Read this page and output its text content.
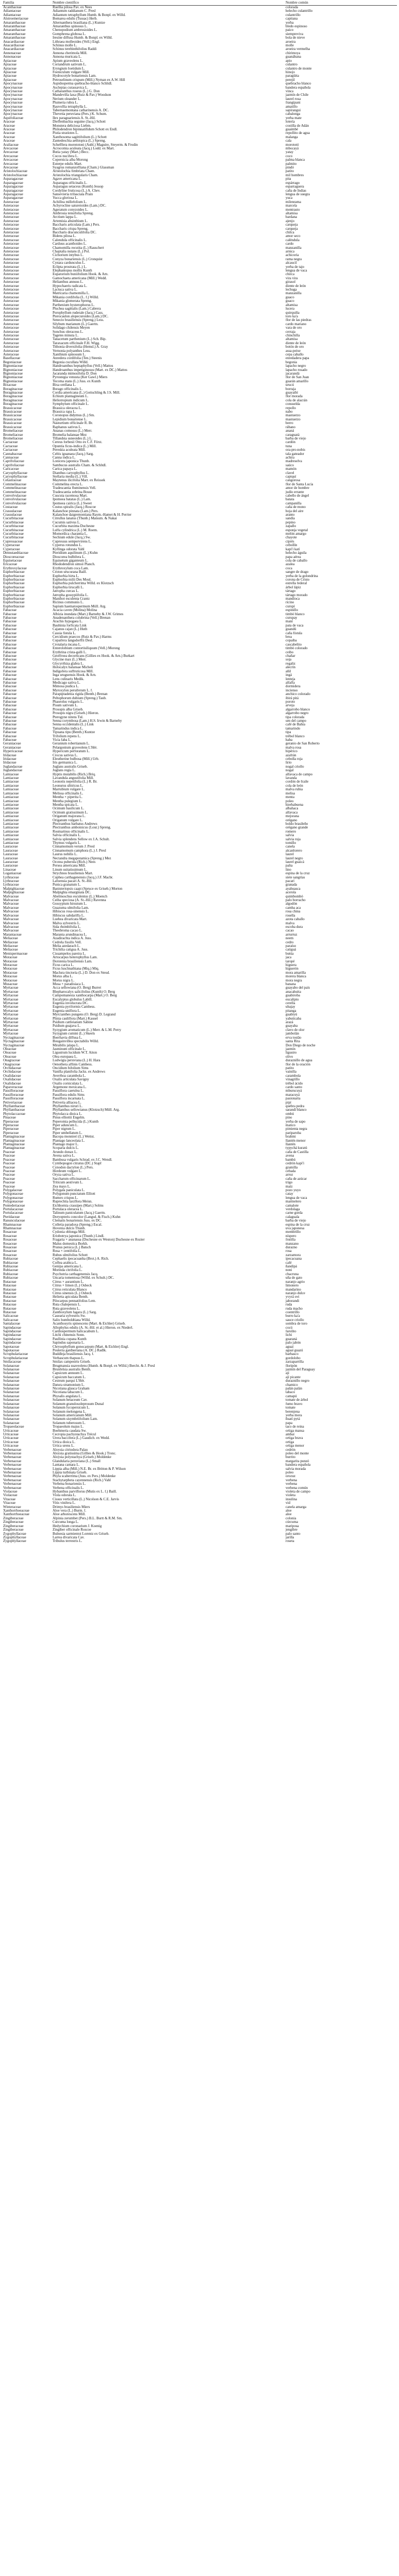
Familia	Nombre científico	Nombre común
Acanthaceae	Ruellia pilosa Pav. ex Nees	colorada
Adiantaceae	Adiantum raddianum C. Presl	helecho culantrillo
Adiantaceae	Adiantum tetraphyllum Humb. & Bonpl. ex Willd.	culantrillo
Alstroemeriaceae	Bomarea edulis (Tussac) Herb.	capitana
Amaranthaceae	Alternanthera brasiliana (L.) Kuntze	yerba
Amaranthaceae	Amaranthus spinosus L.	bledo espinoso
Amaranthaceae	Chenopodium ambrosioides L.	paico
Amaranthaceae	Gomphrena globosa L.	siempreviva
Amaranthaceae	Iresine diffusa Humb. & Bonpl. ex Willd.	bola de nieve
Anacardiaceae	Lithraea molleoides (Vell.) Engl.	aroeira
Anacardiaceae	Schinus molle L.	molle
Anacardiaceae	Schinus terebinthifolius Raddi	aroeira vermelha
Annonaceae	Annona cherimola Mill.	chirimoya
Annonaceae	Annona muricata L.	guanábana
Apiaceae	Apium graveolens L.	apio
Apiaceae	Coriandrum sativum L.	culantro
Apiaceae	Eryngium foetidum L.	culantro de monte
Apiaceae	Foeniculum vulgare Mill.	hinojo
Apiaceae	Hydrocotyle bonariensis Lam.	paragüita
Apiaceae	Petroselinum crispum (Mill.) Nyman ex A.W. Hill	perejil
Apocynaceae	Aspidosperma quebracho-blanco Schltdl.	quebracho blanco
Apocynaceae	Asclepias curassavica L.	bandera española
Apocynaceae	Catharanthus roseus (L.) G. Don	vinca
Apocynaceae	Mandevilla laxa (Ruiz & Pav.) Woodson	jazmín de Chile
Apocynaceae	Nerium oleander L.	laurel rosa
Apocynaceae	Plumeria rubra L.	frangipani
Apocynaceae	Rauvolfia tetraphylla L.	amatillo
Apocynaceae	Tabernaemontana catharinensis A. DC.	sapirangui
Apocynaceae	Thevetia peruviana (Pers.) K. Schum.	cabalonga
Aquifoliaceae	Ilex paraguariensis A. St.-Hil.	yerba mate
Araceae	Dieffenbachia seguine (Jacq.) Schott	lotería
Araceae	Monstera deliciosa Liebm.	costilla de Adán
Araceae	Philodendron bipinnatifidum Schott ex Endl.	guaimbé
Araceae	Pistia stratiotes L.	repollito de agua
Araceae	Xanthosoma sagittifolium (L.) Schott	malanga
Araceae	Zantedeschia aethiopica (L.) Spreng.	cala
Araliaceae	Schefflera morototoni (Aubl.) Maguire, Steyerm. & Frodin	morototó
Arecaceae	Acrocomia aculeata (Jacq.) Lodd. ex Mart.	mbocayá
Arecaceae	Butia yatay (Mart.) Becc.	yatay
Arecaceae	Cocos nucifera L.	coco
Arecaceae	Copernicia alba Morong	palma blanca
Arecaceae	Euterpe edulis Mart.	palmito
Arecaceae	Syagrus romanzoffiana (Cham.) Glassman	pindó
Aristolochiaceae	Aristolochia fimbriata Cham.	patito
Aristolochiaceae	Aristolochia triangularis Cham.	mil hombres
Asparagaceae	Agave americana L.	pita
Asparagaceae	Asparagus officinalis L.	espárrago
Asparagaceae	Asparagus setaceus (Kunth) Jessop	esparraguera
Asparagaceae	Cordyline fruticosa (L.) A. Chev.	caña de Indias
Asparagaceae	Sansevieria trifasciata Prain	lengua de suegra
Asparagaceae	Yucca gloriosa L.	yuca
Asteraceae	Achillea millefolium L.	milenrama
Asteraceae	Achyrocline satureioides (Lam.) DC.	marcela
Asteraceae	Ageratum conyzoides L.	mentrasto
Asteraceae	Ambrosia tenuifolia Spreng.	altamisa
Asteraceae	Arctium lappa L.	bardana
Asteraceae	Artemisia absinthium L.	ajenjo
Asteraceae	Baccharis articulata (Lam.) Pers.	carqueja
Asteraceae	Baccharis crispa Spreng.	carqueja
Asteraceae	Baccharis dracunculifolia DC.	chilca
Asteraceae	Bidens pilosa L.	amor seco
Asteraceae	Calendula officinalis L.	caléndula
Asteraceae	Carduus acanthoides L.	cardo
Asteraceae	Chamomilla recutita (L.) Rauschert	manzanilla
Asteraceae	Chaptalia nutans (L.) Pol.	arnica
Asteraceae	Cichorium intybus L.	achicoria
Asteraceae	Conyza bonariensis (L.) Cronquist	rama negra
Asteraceae	Cynara cardunculus L.	alcaucil
Asteraceae	Eclipta prostrata (L.) L.	yerba de tajo
Asteraceae	Elephantopus mollis Kunth	lengua de vaca
Asteraceae	Eupatorium buniifolium Hook. & Arn.	chirca
Asteraceae	Gamochaeta americana (Mill.) Wedd.	vira vira
Asteraceae	Helianthus annuus L.	girasol
Asteraceae	Hypochaeris radicata L.	diente de león
Asteraceae	Lactuca sativa L.	lechuga
Asteraceae	Matricaria chamomilla L.	manzanilla
Asteraceae	Mikania cordifolia (L. f.) Willd.	guaco
Asteraceae	Mikania glomerata Spreng.	guaco
Asteraceae	Parthenium hysterophorus L.	altamisa
Asteraceae	Pluchea sagittalis (Lam.) Cabrera	lucera
Asteraceae	Porophyllum ruderale (Jacq.) Cass.	quirquiña
Asteraceae	Pterocaulon alopecuroides (Lam.) DC.	toro ka'a
Asteraceae	Senecio brasiliensis (Spreng.) Less.	flor de las piedras
Asteraceae	Silybum marianum (L.) Gaertn.	cardo mariano
Asteraceae	Solidago chilensis Meyen	vara de oro
Asteraceae	Sonchus oleraceus L.	cerraja
Asteraceae	Tagetes minuta L.	chinchilla
Asteraceae	Tanacetum parthenium (L.) Sch. Bip.	altamisa
Asteraceae	Taraxacum officinale F.H. Wigg.	diente de león
Asteraceae	Tithonia diversifolia (Hemsl.) A. Gray	botón de oro
Asteraceae	Vernonia polyanthes Less.	assa-peixe
Asteraceae	Xanthium spinosum L.	cepa caballo
Basellaceae	Anredera cordifolia (Ten.) Steenis	enredadera papa
Begoniaceae	Begonia cucullata Willd.	begonia
Bignoniaceae	Handroanthus heptaphyllus (Vell.) Mattos	lapacho negro
Bignoniaceae	Handroanthus impetiginosus (Mart. ex DC.) Mattos	lapacho rosado
Bignoniaceae	Jacaranda mimosifolia D. Don	jacarandá
Bignoniaceae	Pyrostegia venusta (Ker Gawl.) Miers	flor de San Juan
Bignoniaceae	Tecoma stans (L.) Juss. ex Kunth	guarán amarillo
Bixaceae	Bixa orellana L.	urucú
Boraginaceae	Borago officinalis L.	borraja
Boraginaceae	Cordia americana (L.) Gottschling & J.S. Mill.	guayaibí
Boraginaceae	Echium plantagineum L.	flor morada
Boraginaceae	Heliotropium indicum L.	cola de alacrán
Boraginaceae	Symphytum officinale L.	consuelda
Brassicaceae	Brassica oleracea L.	repollo
Brassicaceae	Brassica rapa L.	nabo
Brassicaceae	Coronopus didymus (L.) Sm.	mastuerzo
Brassicaceae	Lepidium bonariense L.	mastuerzo
Brassicaceae	Nasturtium officinale R. Br.	berro
Brassicaceae	Raphanus sativus L.	rábano
Bromeliaceae	Ananas comosus (L.) Merr.	ananá
Bromeliaceae	Bromelia balansae Mez	caraguatá
Bromeliaceae	Tillandsia usneoides (L.) L.	barba de viejo
Cactaceae	Cereus forbesii Otto ex C.F. Först.	cardón
Cactaceae	Opuntia ficus-indica (L.) Mill.	tuna
Cactaceae	Pereskia aculeata Mill.	ora-pro-nobis
Cannabaceae	Celtis iguanaea (Jacq.) Sarg.	tala gateador
Cannaceae	Canna indica L.	achira
Caprifoliaceae	Lonicera japonica Thunb.	madreselva
Caprifoliaceae	Sambucus australis Cham. & Schltdl.	saúco
Caricaceae	Carica papaya L.	mamón
Caryophyllaceae	Dianthus caryophyllus L.	clavel
Caryophyllaceae	Stellaria media (L.) Vill.	capiquí
Celastraceae	Maytenus ilicifolia Mart. ex Reissek	cangorosa
Commelinaceae	Commelina erecta L.	flor de Santa Lucía
Commelinaceae	Tradescantia fluminensis Vell.	amor de hombre
Commelinaceae	Tradescantia zebrina Bosse	judío errante
Convolvulaceae	Cuscuta racemosa Mart.	cabello de ángel
Convolvulaceae	Ipomoea batatas (L.) Lam.	batata
Convolvulaceae	Ipomoea cairica (L.) Sweet	campanilla
Costaceae	Costus spiralis (Jacq.) Roscoe	caña de mono
Crassulaceae	Kalanchoe pinnata (Lam.) Pers.	hoja del aire
Crassulaceae	Kalanchoe daigremontiana Raym.-Hamet & H. Perrier	aranto
Cucurbitaceae	Citrullus lanatus (Thunb.) Matsum. & Nakai	sandía
Cucurbitaceae	Cucumis sativus L.	pepino
Cucurbitaceae	Cucurbita maxima Duchesne	zapallo
Cucurbitaceae	Luffa cylindrica (L.) M. Roem.	esponja vegetal
Cucurbitaceae	Momordica charantia L.	melón amargo
Cucurbitaceae	Sechium edule (Jacq.) Sw.	chayote
Cupressaceae	Cupressus sempervirens L.	ciprés
Cyperaceae	Cyperus rotundus L.	cebollín
Cyperaceae	Kyllinga odorata Vahl	kapi'i katí
Dennstaedtiaceae	Pteridium aquilinum (L.) Kuhn	helecho águila
Dioscoreaceae	Dioscorea bulbifera L.	papa aérea
Equisetaceae	Equisetum giganteum L.	cola de caballo
Ericaceae	Rhododendron simsii Planch.	azalea
Erythroxylaceae	Erythroxylum coca Lam.	coca
Euphorbiaceae	Croton urucurana Baill.	sangre de drago
Euphorbiaceae	Euphorbia hirta L.	yerba de la golondrina
Euphorbiaceae	Euphorbia milii Des Moul.	corona de Cristo
Euphorbiaceae	Euphorbia pulcherrima Willd. ex Klotzsch	estrella federal
Euphorbiaceae	Euphorbia tirucalli L.	árbol lápiz
Euphorbiaceae	Jatropha curcas L.	tártago
Euphorbiaceae	Jatropha gossypiifolia L.	tártago morado
Euphorbiaceae	Manihot esculenta Crantz	mandioca
Euphorbiaceae	Ricinus communis L.	ricino
Euphorbiaceae	Sapium haematospermum Müll. Arg.	curupí
Fabaceae	Acacia caven (Molina) Molina	espinillo
Fabaceae	Albizia inundata (Mart.) Barneby & J.W. Grimes	timbó blanco
Fabaceae	Anadenanthera colubrina (Vell.) Brenan	curupay
Fabaceae	Arachis hypogaea L.	maní
Fabaceae	Bauhinia forficata Link	pata de vaca
Fabaceae	Cajanus cajan (L.) Huth	guandú
Fabaceae	Cassia fistula L.	caña fístula
Fabaceae	Cercidium praecox (Ruiz & Pav.) Harms	brea
Fabaceae	Copaifera langsdorffii Desf.	copaiba
Fabaceae	Crotalaria incana L.	cascabelito
Fabaceae	Enterolobium contortisiliquum (Vell.) Morong	timbó colorado
Fabaceae	Erythrina crista-galli L.	ceibo
Fabaceae	Geoffroea decorticans (Gillies ex Hook. & Arn.) Burkart	chañar
Fabaceae	Glycine max (L.) Merr.	soja
Fabaceae	Glycyrrhiza glabra L.	regaliz
Fabaceae	Holocalyx balansae Micheli	alecrín
Fabaceae	Indigofera suffruticosa Mill.	añil
Fabaceae	Inga uruguensis Hook. & Arn.	ingá
Fabaceae	Lens culinaris Medik.	lenteja
Fabaceae	Medicago sativa L.	alfalfa
Fabaceae	Mimosa pudica L.	dormidera
Fabaceae	Myroxylon peruiferum L. f.	incienso
Fabaceae	Parapiptadenia rigida (Benth.) Brenan	anchico colorado
Fabaceae	Peltophorum dubium (Spreng.) Taub.	ibirá pitá
Fabaceae	Phaseolus vulgaris L.	poroto
Fabaceae	Pisum sativum L.	arveja
Fabaceae	Prosopis alba Griseb.	algarrobo blanco
Fabaceae	Prosopis nigra (Griseb.) Hieron.	algarrobo negro
Fabaceae	Pterogyne nitens Tul.	tipa colorada
Fabaceae	Senna corymbosa (Lam.) H.S. Irwin & Barneby	sen del campo
Fabaceae	Senna occidentalis (L.) Link	café de Bahía
Fabaceae	Tamarindus indica L.	tamarindo
Fabaceae	Tipuana tipu (Benth.) Kuntze	tipa
Fabaceae	Trifolium repens L.	trébol blanco
Fabaceae	Vicia faba L.	haba
Geraniaceae	Geranium robertianum L.	geranio de San Roberto
Geraniaceae	Pelargonium graveolens L'Hér.	malva rosa
Hypericaceae	Hypericum perforatum L.	hipérico
Iridaceae	Crocus sativus L.	azafrán
Iridaceae	Eleutherine bulbosa (Mill.) Urb.	cebolla roja
Iridaceae	Iris germanica L.	lirio
Juglandaceae	Juglans australis Griseb.	nogal criollo
Juglandaceae	Juglans regia L.	nogal
Lamiaceae	Hyptis mutabilis (Rich.) Briq.	alfavaca de campo
Lamiaceae	Lavandula angustifolia Mill.	lavanda
Lamiaceae	Leonotis nepetifolia (L.) R. Br.	cordón de fraile
Lamiaceae	Leonurus sibiricus L.	cola de león
Lamiaceae	Marrubium vulgare L.	malva rubia
Lamiaceae	Melissa officinalis L.	melisa
Lamiaceae	Mentha × piperita L.	menta
Lamiaceae	Mentha pulegium L.	poleo
Lamiaceae	Mentha spicata L.	hierbabuena
Lamiaceae	Ocimum basilicum L.	albahaca
Lamiaceae	Ocimum gratissimum L.	alfavaca
Lamiaceae	Origanum majorana L.	mejorana
Lamiaceae	Origanum vulgare L.	orégano
Lamiaceae	Plectranthus barbatus Andrews	boldo brasileño
Lamiaceae	Plectranthus amboinicus (Lour.) Spreng.	orégano grande
Lamiaceae	Rosmarinus officinalis L.	romero
Lamiaceae	Salvia officinalis L.	salvia
Lamiaceae	Salvia splendens Sellow ex J.A. Schult.	salvia roja
Lamiaceae	Thymus vulgaris L.	tomillo
Lauraceae	Cinnamomum verum J. Presl	canela
Lauraceae	Cinnamomum camphora (L.) J. Presl	alcanforero
Lauraceae	Laurus nobilis L.	laurel
Lauraceae	Nectandra megapotamica (Spreng.) Mez	laurel negro
Lauraceae	Ocotea puberula (Rich.) Nees	laurel guaicá
Lauraceae	Persea americana Mill.	palta
Linaceae	Linum usitatissimum L.	lino
Loganiaceae	Strychnos brasiliensis Mart.	espina de la cruz
Lythraceae	Cuphea carthagenensis (Jacq.) J.F. Macbr.	siete sangrías
Lythraceae	Lafoensia pacari A. St.-Hil.	pacarí
Lythraceae	Punica granatum L.	granada
Malpighiaceae	Banisteriopsis caapi (Spruce ex Griseb.) Morton	ayahuasca
Malpighiaceae	Malpighia emarginata DC.	acerola
Malvaceae	Abelmoschus esculentus (L.) Moench	quimbombó
Malvaceae	Ceiba speciosa (A. St.-Hil.) Ravenna	palo borracho
Malvaceae	Gossypium hirsutum L.	algodón
Malvaceae	Guazuma ulmifolia Lam.	camba aca
Malvaceae	Hibiscus rosa-sinensis L.	rosa china
Malvaceae	Hibiscus sabdariffa L.	rosella
Malvaceae	Luehea divaricata Mart.	azota caballo
Malvaceae	Malva sylvestris L.	malva
Malvaceae	Sida rhombifolia L.	escoba dura
Malvaceae	Theobroma cacao L.	cacao
Marantaceae	Maranta arundinacea L.	arrurruz
Meliaceae	Azadirachta indica A. Juss.	neem
Meliaceae	Cedrela fissilis Vell.	cedro
Meliaceae	Melia azedarach L.	paraíso
Meliaceae	Trichilia catigua A. Juss.	catiguá
Menispermaceae	Cissampelos pareira L.	butúa
Moraceae	Artocarpus heterophyllus Lam.	jaca
Moraceae	Dorstenia brasiliensis Lam.	taropé
Moraceae	Ficus carica L.	higuera
Moraceae	Ficus luschnathiana (Miq.) Miq.	higuerón
Moraceae	Maclura tinctoria (L.) D. Don ex Steud.	mora amarilla
Moraceae	Morus alba L.	morera blanca
Moraceae	Morus nigra L.	mora negra
Musaceae	Musa × paradisiaca L.	banana
Myrtaceae	Acca sellowiana (O. Berg) Burret	guayabo del país
Myrtaceae	Blepharocalyx salicifolius (Kunth) O. Berg	anacahuita
Myrtaceae	Campomanesia xanthocarpa (Mart.) O. Berg	guabiroba
Myrtaceae	Eucalyptus globulus Labill.	eucalipto
Myrtaceae	Eugenia involucrata DC.	cerella
Myrtaceae	Eugenia pyriformis Cambess.	ubajay
Myrtaceae	Eugenia uniflora L.	pitanga
Myrtaceae	Myrcianthes pungens (O. Berg) D. Legrand	guabiyú
Myrtaceae	Plinia cauliflora (Mart.) Kausel	yabuticaba
Myrtaceae	Psidium cattleianum Sabine	arazá
Myrtaceae	Psidium guajava L.	guayaba
Myrtaceae	Syzygium aromaticum (L.) Merr. & L.M. Perry	clavo de olor
Myrtaceae	Syzygium cumini (L.) Skeels	jambolán
Nyctaginaceae	Boerhavia diffusa L.	erva tostão
Nyctaginaceae	Bougainvillea spectabilis Willd.	santa Rita
Nyctaginaceae	Mirabilis jalapa L.	Don Diego de noche
Oleaceae	Jasminum officinale L.	jazmín
Oleaceae	Ligustrum lucidum W.T. Aiton	ligustro
Oleaceae	Olea europaea L.	olivo
Onagraceae	Ludwigia peruviana (L.) H. Hara	duraznillo de agua
Onagraceae	Oenothera affinis Cambess.	flor de la oración
Orchidaceae	Oncidium bifolium Sims	patito
Orchidaceae	Vanilla planifolia Jacks. ex Andrews	vainilla
Oxalidaceae	Averrhoa carambola L.	carambola
Oxalidaceae	Oxalis articulata Savigny	vinagrillo
Oxalidaceae	Oxalis corniculata L.	trébol ácido
Papaveraceae	Argemone mexicana L.	cardo santo
Passifloraceae	Passiflora caerulea L.	mburucuyá
Passifloraceae	Passiflora edulis Sims	maracuyá
Passifloraceae	Passiflora incarnata L.	pasionaria
Petiveriaceae	Petiveria alliacea L.	pipí
Phyllanthaceae	Phyllanthus niruri L.	quebra pedra
Phyllanthaceae	Phyllanthus sellowianus (Klotzsch) Müll. Arg.	sarandí blanco
Phytolaccaceae	Phytolacca dioica L.	ombú
Pinaceae	Pinus elliottii Engelm.	pino
Piperaceae	Peperomia pellucida (L.) Kunth	yerba de sapo
Piperaceae	Piper aduncum L.	matico
Piperaceae	Piper nigrum L.	pimienta negra
Piperaceae	Piper umbellatum L.	pariparoba
Plantaginaceae	Bacopa monnieri (L.) Wettst.	brahmi
Plantaginaceae	Plantago lanceolata L.	llantén menor
Plantaginaceae	Plantago major L.	llantén
Plantaginaceae	Scoparia dulcis L.	typychá kuratú
Poaceae	Arundo donax L.	caña de Castilla
Poaceae	Avena sativa L.	avena
Poaceae	Bambusa vulgaris Schrad. ex J.C. Wendl.	bambú
Poaceae	Cymbopogon citratus (DC.) Stapf	cedrón kapi'i
Poaceae	Cynodon dactylon (L.) Pers.	gramilla
Poaceae	Hordeum vulgare L.	cebada
Poaceae	Oryza sativa L.	arroz
Poaceae	Saccharum officinarum L.	caña de azúcar
Poaceae	Triticum aestivum L.	trigo
Poaceae	Zea mays L.	maíz
Polygalaceae	Polygala paniculata L.	pozo yuyo
Polygonaceae	Polygonum punctatum Elliott	catay
Polygonaceae	Rumex crispus L.	lengua de vaca
Polygonaceae	Ruprechtia laxiflora Meisn.	marmelero
Pontederiaceae	Eichhornia crassipes (Mart.) Solms	camalote
Portulacaceae	Portulaca oleracea L.	verdolaga
Portulacaceae	Talinum paniculatum (Jacq.) Gaertn.	carne gorda
Pteridaceae	Doryopteris concolor (Langsd. & Fisch.) Kuhn	calaguala
Ranunculaceae	Clematis bonariensis Juss. ex DC.	barba de viejo
Rhamnaceae	Colletia paradoxa (Spreng.) Escal.	espina de la cruz
Rhamnaceae	Hovenia dulcis Thunb.	uva japonesa
Rosaceae	Cydonia oblonga Mill.	membrillo
Rosaceae	Eriobotrya japonica (Thunb.) Lindl.	níspero
Rosaceae	Fragaria × ananassa (Duchesne ex Weston) Duchesne ex Rozier	frutilla
Rosaceae	Malus domestica Borkh.	manzano
Rosaceae	Prunus persica (L.) Batsch	durazno
Rosaceae	Rosa × centifolia L.	rosa
Rosaceae	Rubus ulmifolius Schott	zarzamora
Rubiaceae	Cephaelis ipecacuanha (Brot.) A. Rich.	ipecacuana
Rubiaceae	Coffea arabica L.	café
Rubiaceae	Genipa americana L.	ñandipá
Rubiaceae	Morinda citrifolia L.	noni
Rubiaceae	Psychotria carthagenensis Jacq.	chacruna
Rubiaceae	Uncaria tomentosa (Willd. ex Schult.) DC.	uña de gato
Rutaceae	Citrus × aurantium L.	naranjo agrio
Rutaceae	Citrus × limon (L.) Osbeck	limonero
Rutaceae	Citrus reticulata Blanco	mandarino
Rutaceae	Citrus sinensis (L.) Osbeck	naranjo dulce
Rutaceae	Helietta apiculata Benth.	yvyrá ovi
Rutaceae	Pilocarpus pennatifolius Lem.	jaborandi
Rutaceae	Ruta chalepensis L.	ruda
Rutaceae	Ruta graveolens L.	ruda macho
Rutaceae	Zanthoxylum fagara (L.) Sarg.	coentrillo
Salicaceae	Casearia sylvestris Sw.	burro ka'a
Salicaceae	Salix humboldtiana Willd.	sauce criollo
Santalaceae	Acanthosyris spinescens (Mart. & Eichler) Griseb.	sombra de toro
Sapindaceae	Allophylus edulis (A. St.-Hil. et al.) Hieron. ex Niederl.	cocú
Sapindaceae	Cardiospermum halicacabum L.	farolito
Sapindaceae	Litchi chinensis Sonn.	lichi
Sapindaceae	Paullinia cupana Kunth	guaraná
Sapindaceae	Sapindus saponaria L.	palo jabón
Sapotaceae	Chrysophyllum gonocarpum (Mart. & Eichler) Engl.	aguaí
Sapotaceae	Pouteria gardneriana (A. DC.) Radlk.	aguaí guazú
Scrophulariaceae	Buddleja brasiliensis Jacq. f.	barbasco
Scrophulariaceae	Verbascum thapsus L.	gordolobo
Smilacaceae	Smilax campestris Griseb.	zarzaparrilla
Solanaceae	Brugmansia suaveolens (Humb. & Bonpl. ex Willd.) Bercht. & J. Presl	floripón
Solanaceae	Brunfelsia australis Benth.	jazmín del Paraguay
Solanaceae	Capsicum annuum L.	ají
Solanaceae	Capsicum baccatum L.	ají picante
Solanaceae	Cestrum parqui L'Hér.	duraznillo negro
Solanaceae	Datura stramonium L.	chamico
Solanaceae	Nicotiana glauca Graham	palán palán
Solanaceae	Nicotiana tabacum L.	tabaco
Solanaceae	Physalis angulata L.	camapú
Solanaceae	Solanum betaceum Cav.	tomate de árbol
Solanaceae	Solanum granulosoleprosum Dunal	fumo bravo
Solanaceae	Solanum lycopersicum L.	tomate
Solanaceae	Solanum melongena L.	berenjena
Solanaceae	Solanum americanum Mill.	yerba mora
Solanaceae	Solanum sisymbriifolium Lam.	ñuatí pytá
Solanaceae	Solanum tuberosum L.	papa
Tropaeolaceae	Tropaeolum majus L.	taco de reina
Urticaceae	Boehmeria caudata Sw.	ortiga mansa
Urticaceae	Cecropia pachystachya Trécul	ambaí
Urticaceae	Urera baccifera (L.) Gaudich. ex Wedd.	ortiga brava
Urticaceae	Urtica dioica L.	ortiga
Urticaceae	Urtica urens L.	ortiga menor
Verbenaceae	Aloysia citriodora Palau	cedrón
Verbenaceae	Aloysia gratissima (Gillies & Hook.) Tronc.	poleo del monte
Verbenaceae	Aloysia polystachya (Griseb.) Moldenke	burrito
Verbenaceae	Glandularia peruviana (L.) Small	margarita punzó
Verbenaceae	Lantana camara L.	bandera española
Verbenaceae	Lippia alba (Mill.) N.E. Br. ex Britton & P. Wilson	salvia morada
Verbenaceae	Lippia turbinata Griseb.	poleo
Verbenaceae	Phyla scaberrima (Juss. ex Pers.) Moldenke	orozuz
Verbenaceae	Stachytarpheta cayennensis (Rich.) Vahl	verbena
Verbenaceae	Verbena bonariensis L.	verbena
Verbenaceae	Verbena officinalis L.	verbena común
Violaceae	Hybanthus parviflorus (Mutis ex L. f.) Baill.	violeta de campo
Violaceae	Viola odorata L.	violeta
Vitaceae	Cissus verticillata (L.) Nicolson & C.E. Jarvis	insulina
Vitaceae	Vitis vinifera L.	vid
Winteraceae	Drimys brasiliensis Miers	canela amarga
Xanthorrhoeaceae	Aloe vera (L.) Burm. f.	aloe
Xanthorrhoeaceae	Aloe arborescens Mill.	aloe
Zingiberaceae	Alpinia zerumbet (Pers.) B.L. Burtt & R.M. Sm.	colonia
Zingiberaceae	Curcuma longa L.	cúrcuma
Zingiberaceae	Hedychium coronarium J. Koenig	mariposa
Zingiberaceae	Zingiber officinale Roscoe	jengibre
Zygophyllaceae	Bulnesia sarmientoi Lorentz ex Griseb.	palo santo
Zygophyllaceae	Larrea divaricata Cav.	jarilla
Zygophyllaceae	Tribulus terrestris L.	roseta
